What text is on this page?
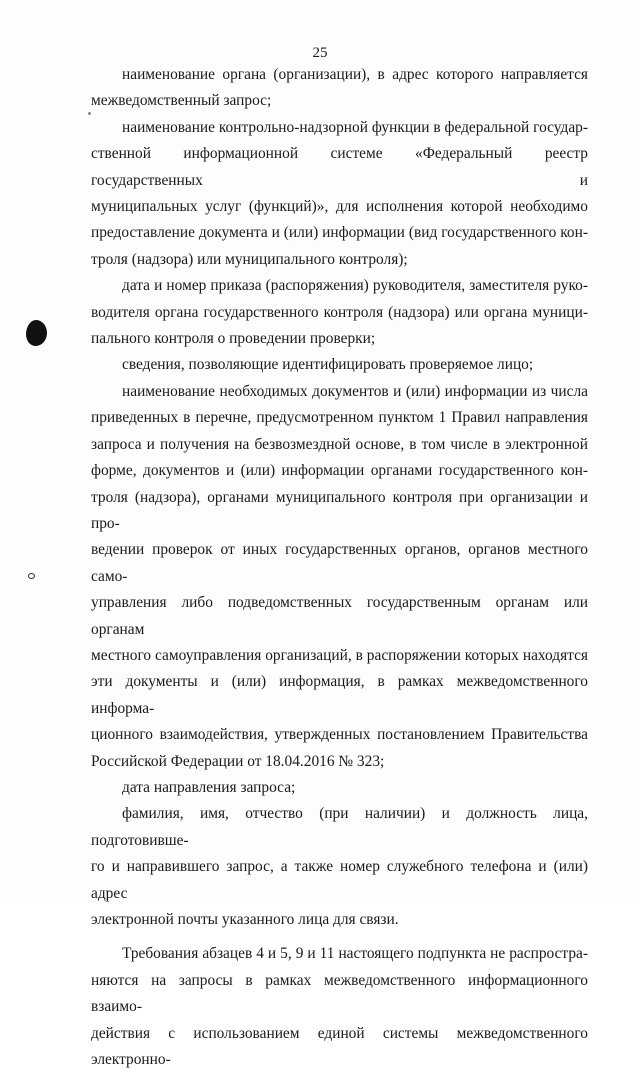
25

наименование органа (организации), в адрес которого направляется
межведомственный запрос;

наименование контрольно-надзорной функции в федеральной государ-
ственной информационной системе «Федеральный реестр государственных и
муниципальных услуг (функций)», для исполнения которой необходимо
предоставление документа и (или) информации (вид государственного кон-
троля (надзора) или муниципального контроля);

дата и номер приказа (распоряжения) руководителя, заместителя руко-
водителя органа государственного контроля (надзора) или органа муници-
пального контроля о проведении проверки;

сведения, позволяющие идентифицировать проверяемое лицо;

наименование необходимых документов и (или) информации из числа
приведенных в перечне, предусмотренном пунктом 1 Правил направления
запроса и получения на безвозмездной основе, в том числе в электронной
форме, документов и (или) информации органами государственного кон-
троля (надзора), органами муниципального контроля при организации и про-
ведении проверок от иных государственных органов, органов местного само-
управления либо подведомственных государственным органам или органам
местного самоуправления организаций, в распоряжении которых находятся
эти документы и (или) информация, в рамках межведомственного информа-
ционного взаимодействия, утвержденных постановлением Правительства
Российской Федерации от 18.04.2016 № 323;

дата направления запроса;

фамилия, имя, отчество (при наличии) и должность лица, подготовивше-
го и направившего запрос, а также номер служебного телефона и (или) адрес
электронной почты указанного лица для связи.

Требования абзацев 4 и 5, 9 и 11 настоящего подпункта не распростра-
няются на запросы в рамках межведомственного информационного взаимо-
действия с использованием единой системы межведомственного электронно-
